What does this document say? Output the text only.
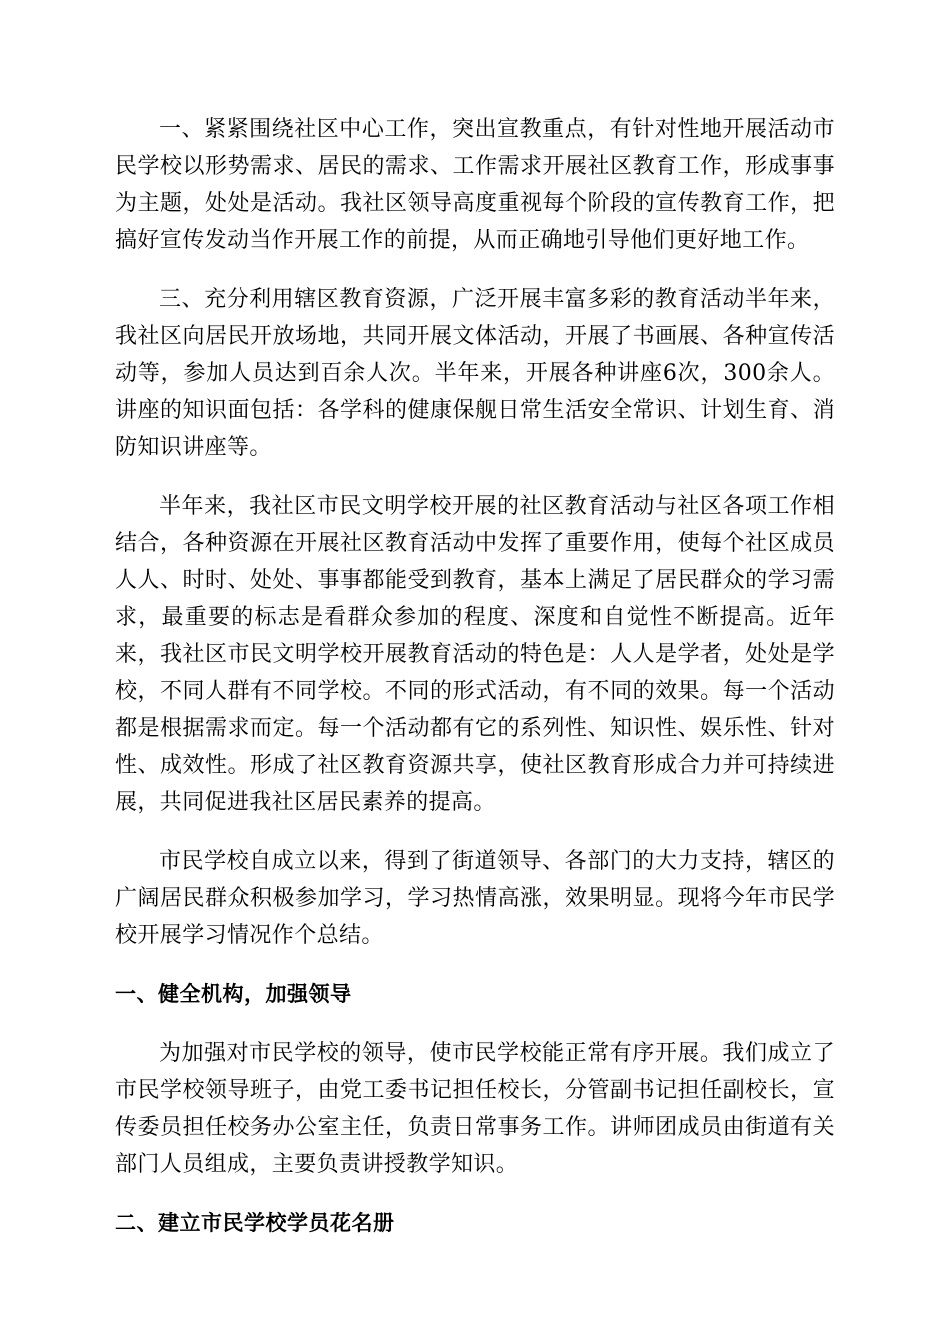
一、紧紧围绕社区中心工作，突出宣教重点，有针对性地开展活动市民学校以形势需求、居民的需求、工作需求开展社区教育工作，形成事事为主题，处处是活动。我社区领导高度重视每个阶段的宣传教育工作，把搞好宣传发动当作开展工作的前提，从而正确地引导他们更好地工作。

三、充分利用辖区教育资源，广泛开展丰富多彩的教育活动半年来，我社区向居民开放场地，共同开展文体活动，开展了书画展、各种宣传活动等，参加人员达到百余人次。半年来，开展各种讲座6次，300余人。讲座的知识面包括：各学科的健康保舰日常生活安全常识、计划生育、消防知识讲座等。

半年来，我社区市民文明学校开展的社区教育活动与社区各项工作相结合，各种资源在开展社区教育活动中发挥了重要作用，使每个社区成员人人、时时、处处、事事都能受到教育，基本上满足了居民群众的学习需求，最重要的标志是看群众参加的程度、深度和自觉性不断提高。近年来，我社区市民文明学校开展教育活动的特色是：人人是学者，处处是学校，不同人群有不同学校。不同的形式活动，有不同的效果。每一个活动都是根据需求而定。每一个活动都有它的系列性、知识性、娱乐性、针对性、成效性。形成了社区教育资源共享，使社区教育形成合力并可持续进展，共同促进我社区居民素养的提高。

市民学校自成立以来，得到了街道领导、各部门的大力支持，辖区的广阔居民群众积极参加学习，学习热情高涨，效果明显。现将今年市民学校开展学习情况作个总结。

一、健全机构，加强领导

为加强对市民学校的领导，使市民学校能正常有序开展。我们成立了市民学校领导班子，由党工委书记担任校长，分管副书记担任副校长，宣传委员担任校务办公室主任，负责日常事务工作。讲师团成员由街道有关部门人员组成，主要负责讲授教学知识。

二、建立市民学校学员花名册
